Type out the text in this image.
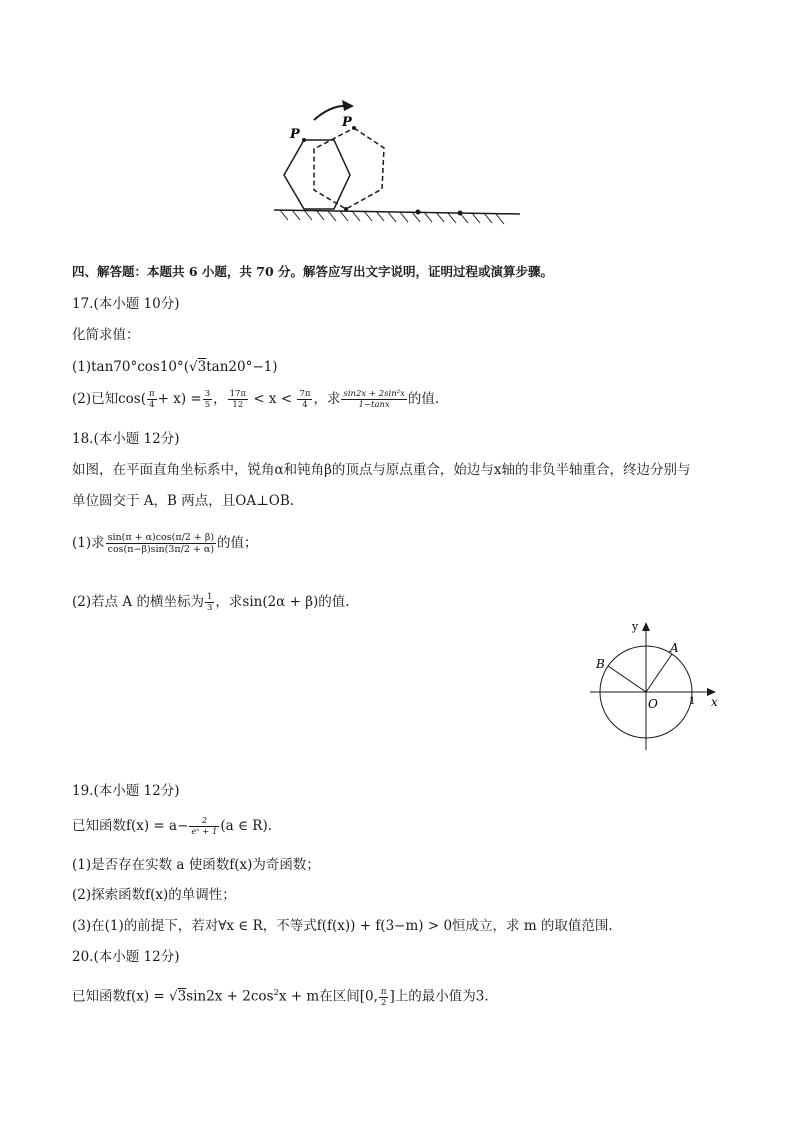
P
P
四、解答题：本题共 6 小题，共 70 分。解答应写出文字说明，证明过程或演算步骤。
17.(本小题 10分)
化简求值：
(1)tan70°cos10°(√3tan20°−1)
(2)已知$\cos( \frac{\pi}{4} + x) = \frac{3}{5}$ ， $\frac{17\pi}{12} < x < \frac{7\pi}{4}$ ，求 $\frac{\text{sin2x + 2sin²x}}{1-\tan x}$ 的值.
18.(本小题 12分)
如图，在平面直角坐标系中，锐角α和钝角β的顶点与原点重合，始边与x轴的非负半轴重合，终边分别与
单位圆交于 A，B 两点，且OA⊥OB.
(1)求 $\frac{\sin(\pi + \alpha)\cos(\pi/2 + \beta)}{\cos(\pi-\beta)\sin(3\pi/2 + \alpha)}$ 的值；
(2)若点 A 的横坐标为 $\frac{1}{3}$ ，求sin(2α + β)的值.
y
x
A
B
O	1
19.(本小题 12分)
已知函数$f(x) = a- \frac{2}{\text{eˣ + 1}} (a$ ∈ R).
(1)是否存在实数 a 使函数f(x)为奇函数；
(2)探索函数f(x)的单调性；
(3)在(1)的前提下，若对∀x ∈ R，不等式f(f(x)) + f(3−m) > 0恒成立，求 m 的取值范围.
20.(本小题 12分)
已知函数$f(x) = √3\sin 2x + 2\cos^2x + m$在区间[0, $\frac{\pi}{2}$ ]上的最小值为3.
